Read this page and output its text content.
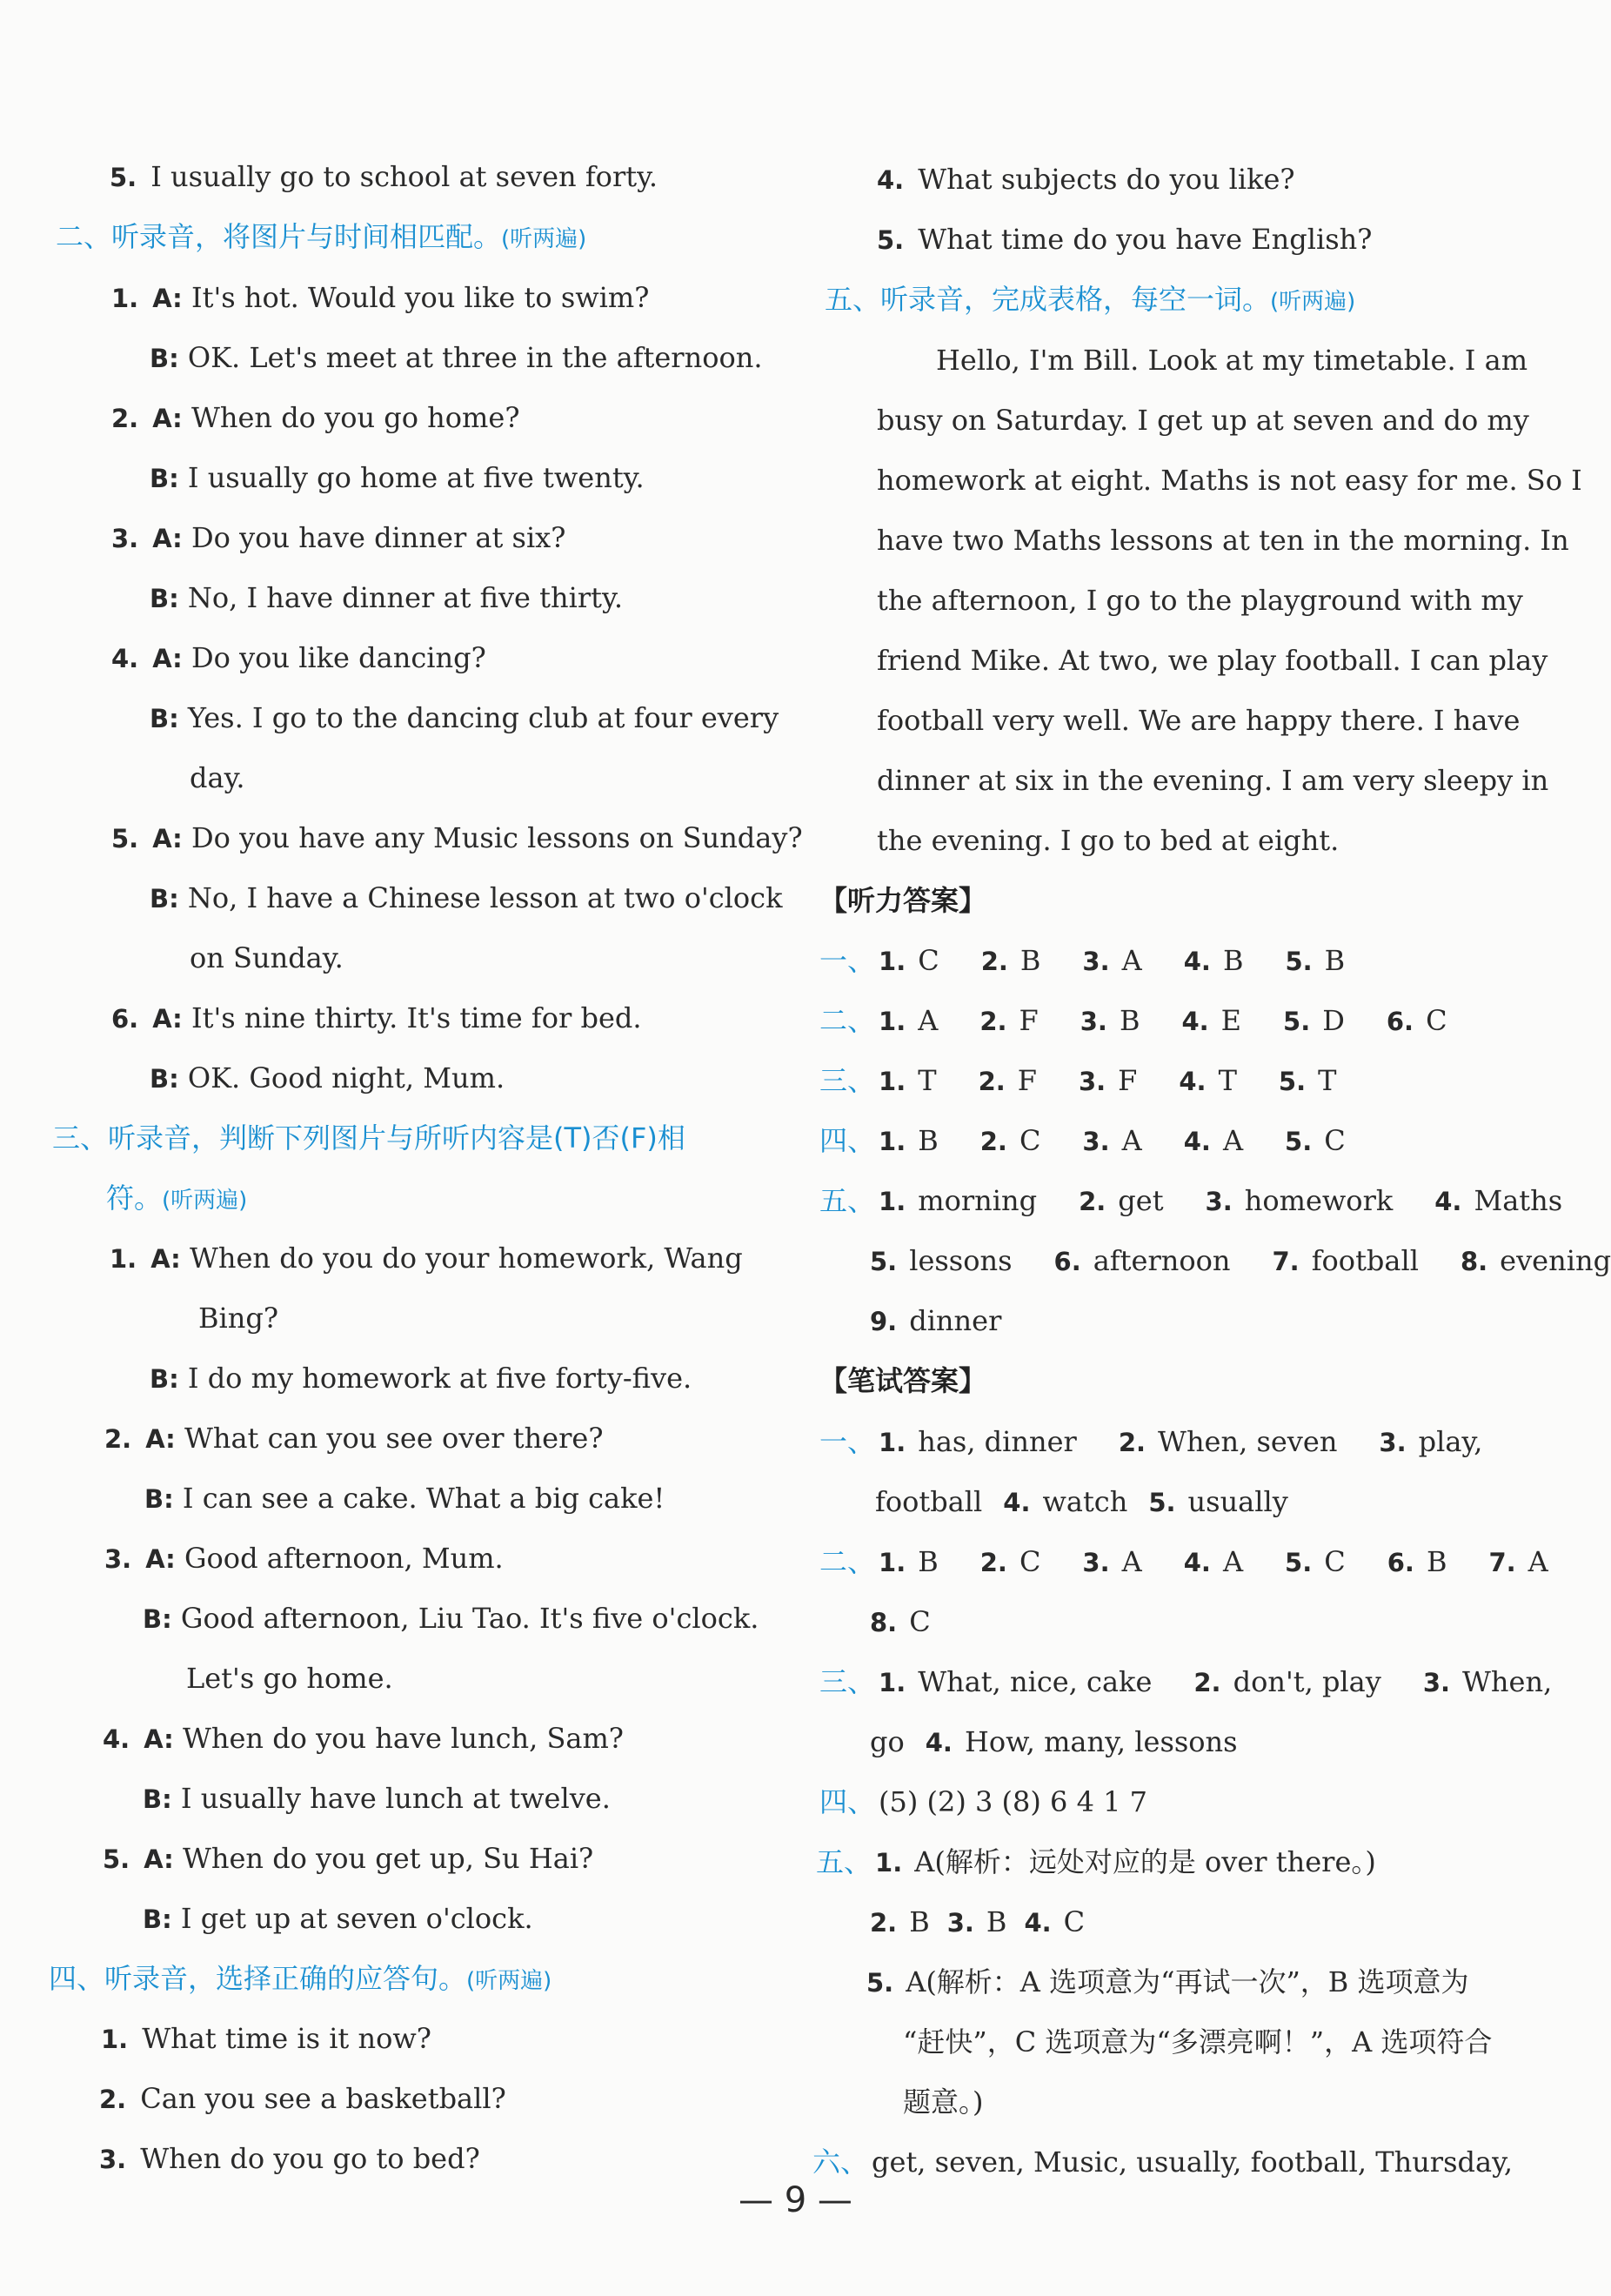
5. I usually go to school at seven forty.
二、听录音，将图片与时间相匹配。(听两遍)
1. A: It's hot. Would you like to swim?
B: OK. Let's meet at three in the afternoon.
2. A: When do you go home?
B: I usually go home at five twenty.
3. A: Do you have dinner at six?
B: No, I have dinner at five thirty.
4. A: Do you like dancing?
B: Yes. I go to the dancing club at four every
day.
5. A: Do you have any Music lessons on Sunday?
B: No, I have a Chinese lesson at two o'clock
on Sunday.
6. A: It's nine thirty. It's time for bed.
B: OK. Good night, Mum.
三、听录音，判断下列图片与所听内容是(T)否(F)相
符。(听两遍)
1. A: When do you do your homework, Wang
Bing?
B: I do my homework at five forty-five.
2. A: What can you see over there?
B: I can see a cake. What a big cake!
3. A: Good afternoon, Mum.
B: Good afternoon, Liu Tao. It's five o'clock.
Let's go home.
4. A: When do you have lunch, Sam?
B: I usually have lunch at twelve.
5. A: When do you get up, Su Hai?
B: I get up at seven o'clock.
四、听录音，选择正确的应答句。(听两遍)
1. What time is it now?
2. Can you see a basketball?
3. When do you go to bed?
4. What subjects do you like?
5. What time do you have English?
五、听录音，完成表格，每空一词。(听两遍)
Hello, I'm Bill. Look at my timetable. I am
busy on Saturday. I get up at seven and do my
homework at eight. Maths is not easy for me. So I
have two Maths lessons at ten in the morning. In
the afternoon, I go to the playground with my
friend Mike. At two, we play football. I can play
football very well. We are happy there. I have
dinner at six in the evening. I am very sleepy in
the evening. I go to bed at eight.
【听力答案】
一、 1. C 2. B 3. A 4. B 5. B
二、 1. A 2. F 3. B 4. E 5. D 6. C
三、 1. T 2. F 3. F 4. T 5. T
四、 1. B 2. C 3. A 4. A 5. C
五、 1. morning 2. get 3. homework 4. Maths
5. lessons 6. afternoon 7. football 8. evening
9. dinner
【笔试答案】
一、 1. has, dinner 2. When, seven 3. play,
football 4. watch 5. usually
二、 1. B 2. C 3. A 4. A 5. C 6. B 7. A
8. C
三、 1. What, nice, cake 2. don't, play 3. When,
go 4. How, many, lessons
四、 (5) (2) 3 (8) 6 4 1 7
五、 1. A(解析：远处对应的是 over there。)
2. B 3. B 4. C
5. A(解析：A 选项意为“再试一次”，B 选项意为
“赶快”，C 选项意为“多漂亮啊！”，A 选项符合
题意。)
六、 get, seven, Music, usually, football, Thursday,
— 9 —
